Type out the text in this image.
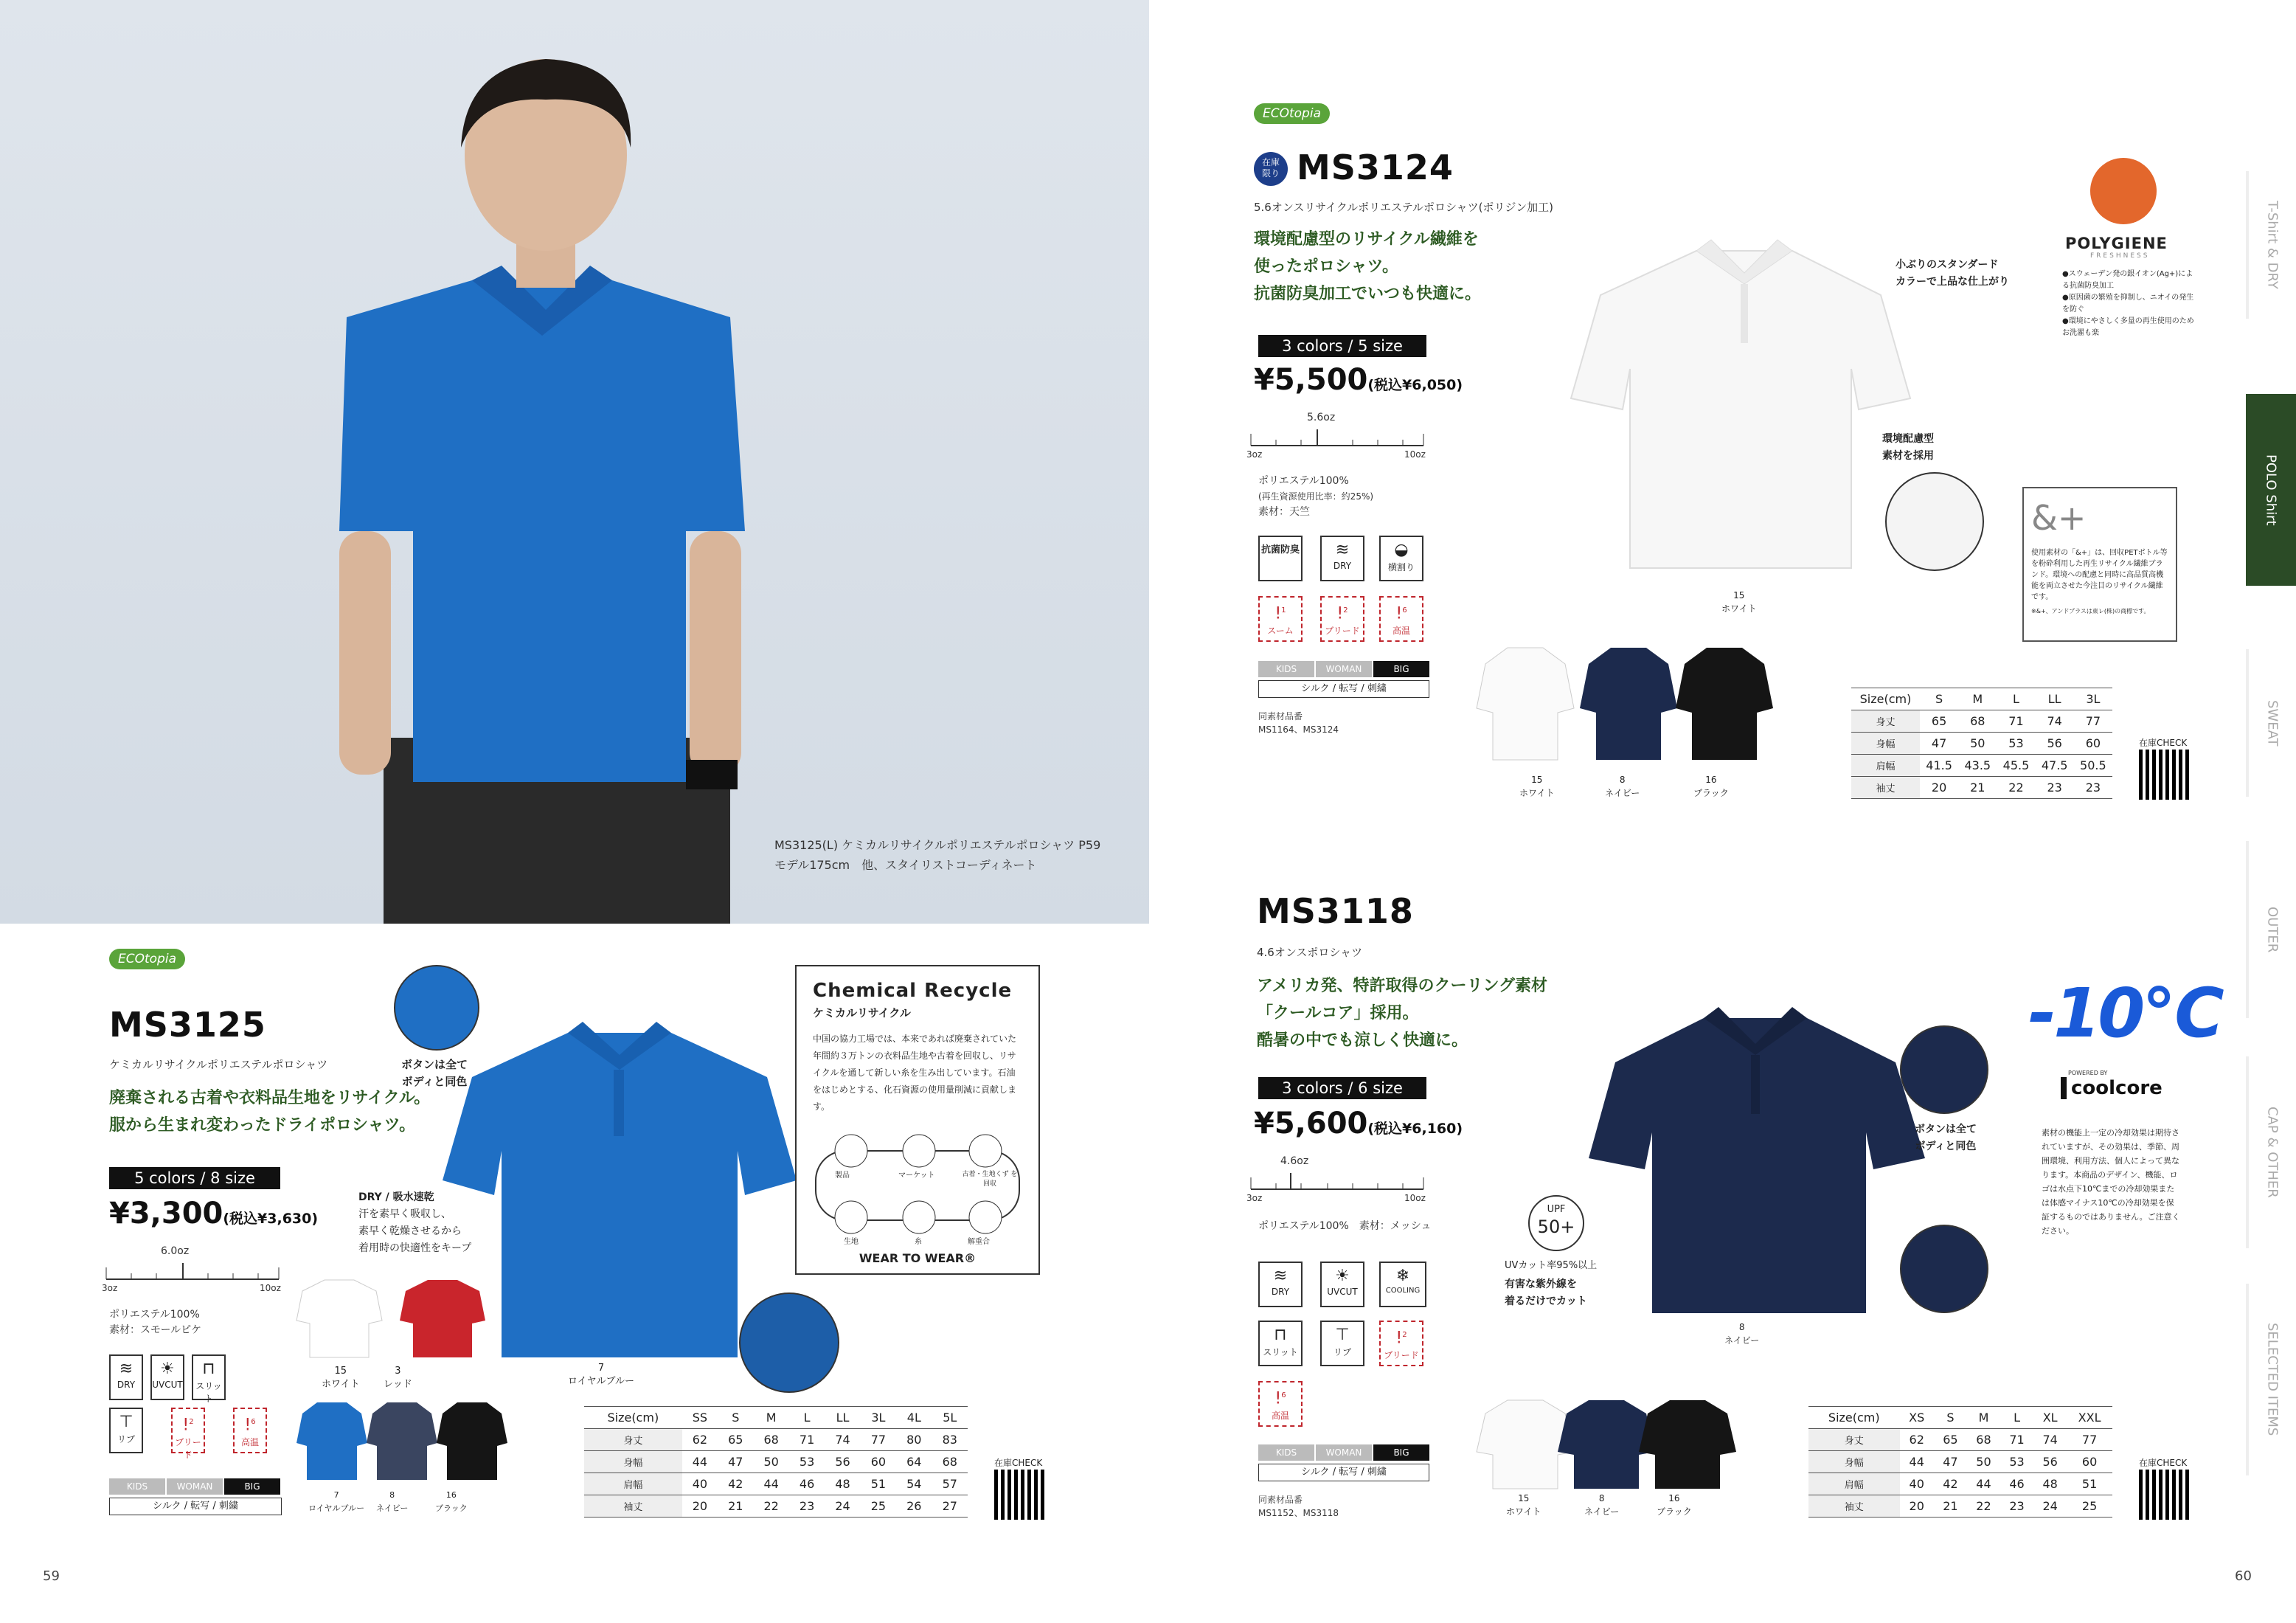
MS3125(L) ケミカルリサイクルポリエステルポロシャツ P59
モデル175cm　他、スタイリストコーディネート
ECOtopia
MS3125
ケミカルリサイクルポリエステルポロシャツ
廃棄される古着や衣料品生地をリサイクル。
服から生まれ変わったドライポロシャツ。
5 colors / 8 size
¥3,300(税込¥3,630)
6.0oz
3oz	10oz
ポリエステル100%
素材：スモールピケ
≋
DRY
☀
UVCUT
⊓
スリット
⊤
リブ
!$^2$
ブリード
!$^6$
高温
KIDS	WOMAN	BIG
シルク / 転写 / 刺繍
7
ロイヤルブルー
ボタンは全て
ボディと同色
DRY / 吸水速乾
汗を素早く吸収し、
素早く乾燥させるから
着用時の快適性をキープ
15
ホワイト
3
レッド
7
ロイヤルブルー
8
ネイビー
16
ブラック
Size(cm)	SS	S	M	L	LL	3L	4L	5L
身丈	62	65	68	71	74	77	80	83
身幅	44	47	50	53	56	60	64	68
肩幅	40	42	44	46	48	51	54	57
袖丈	20	21	22	23	24	25	26	27
在庫CHECK
Chemical Recycle
ケミカルリサイクル
中国の協力工場では、本来であれば廃棄されていた年間約３万トンの衣料品生地や古着を回収し、リサイクルを通して新しい糸を生み出しています。石油をはじめとする、化石資源の使用量削減に貢献します。
製品	マーケット	古着・生地くず を回収
解重合
糸
生地
WEAR TO WEAR®
59
ECOtopia
在庫
限り MS3124
5.6オンスリサイクルポリエステルポロシャツ(ポリジン加工)
環境配慮型のリサイクル繊維を
使ったポロシャツ。
抗菌防臭加工でいつも快適に。
3 colors / 5 size
¥5,500(税込¥6,050)
5.6oz
3oz	10oz
ポリエステル100%
(再生資源使用比率：約25%)
素材：天竺
抗菌防臭	≋
DRY
◒
横割り
!$^1$
スーム
!$^2$
ブリード
!$^6$
高温
KIDS	WOMAN	BIG
シルク / 転写 / 刺繍
同素材品番
MS1164、MS3124
15
ホワイト
小ぶりのスタンダード
カラーで上品な仕上がり
環境配慮型
素材を採用
POLYGIENE
FRESHNESS
●スウェーデン発の銀イオン(Ag+)による抗菌防臭加工
●原因菌の繁殖を抑制し、ニオイの発生を防ぐ
●環境にやさしく多量の再生使用のためお洗濯も楽
&+
使用素材の「&+」は、回収PETボトル等を粉砕利用した再生リサイクル繊維ブランド。環境への配慮と同時に高品質高機能を両立させた今注目のリサイクル繊維です。
※&+、アンドプラスは東レ(株)の商標です。
15
ホワイト
8
ネイビー
16
ブラック
Size(cm)	S	M	L	LL	3L
身丈	65	68	71	74	77
身幅	47	50	53	56	60
肩幅	41.5	43.5	45.5	47.5	50.5
袖丈	20	21	22	23	23
在庫CHECK
MS3118
4.6オンスポロシャツ
アメリカ発、特許取得のクーリング素材
「クールコア」採用。
酷暑の中でも涼しく快適に。
3 colors / 6 size
¥5,600(税込¥6,160)
4.6oz
3oz	10oz
ポリエステル100%　素材：メッシュ
≋
DRY
☀
UVCUT
❄
COOLING
⊓
スリット
⊤
リブ
!$^2$
ブリード
!$^6$
高温
KIDS	WOMAN	BIG
シルク / 転写 / 刺繍
同素材品番
MS1152、MS3118
8
ネイビー
ボタンは全て
ボディと同色
UPF
50+
UVカット率95%以上
有害な紫外線を
着るだけでカット
-10℃
POWERED BY
coolcore
素材の機能上一定の冷却効果は期待されていますが、その効果は、季節、周囲環境、利用方法、個人によって異なります。本商品のデザイン、機能、ロゴは水点下10℃までの冷却効果または体感マイナス10℃の冷却効果を保証するものではありません。ご注意ください。
15
ホワイト
8
ネイビー
16
ブラック
Size(cm)	XS	S	M	L	XL	XXL
身丈	62	65	68	71	74	77
身幅	44	47	50	53	56	60
肩幅	40	42	44	46	48	51
袖丈	20	21	22	23	24	25
在庫CHECK
T-Shirt & DRY
POLO Shirt
SWEAT
OUTER
CAP & OTHER
SELECTED ITEMS
60
